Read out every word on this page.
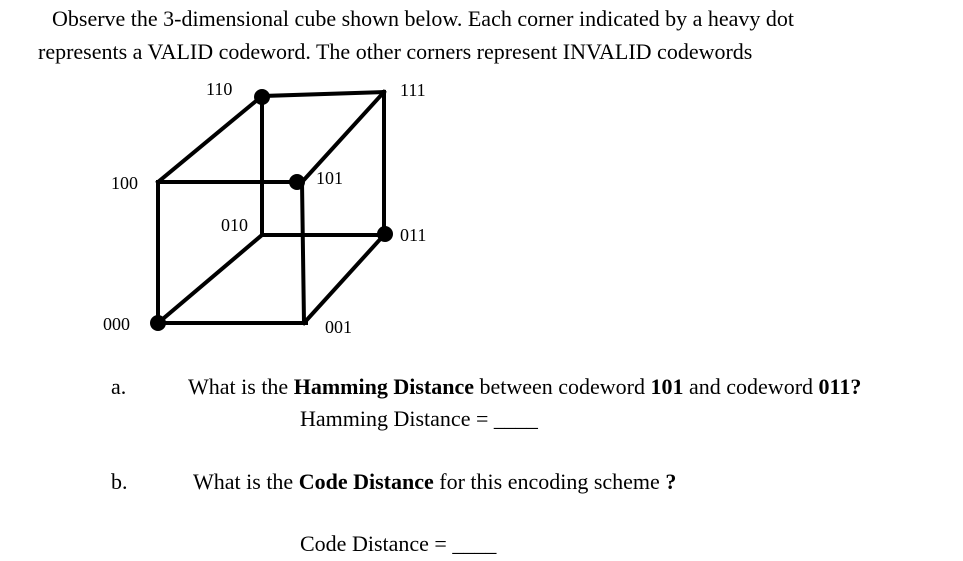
Observe the 3-dimensional cube shown below. Each corner indicated by a heavy dot
represents a VALID codeword. The other corners represent INVALID codewords
110	111
100	101
010	011
000	001
a.	What is the Hamming Distance between codeword 101 and codeword 011?
Hamming Distance = ____
b.	What is the Code Distance for this encoding scheme ?
Code Distance = ____
